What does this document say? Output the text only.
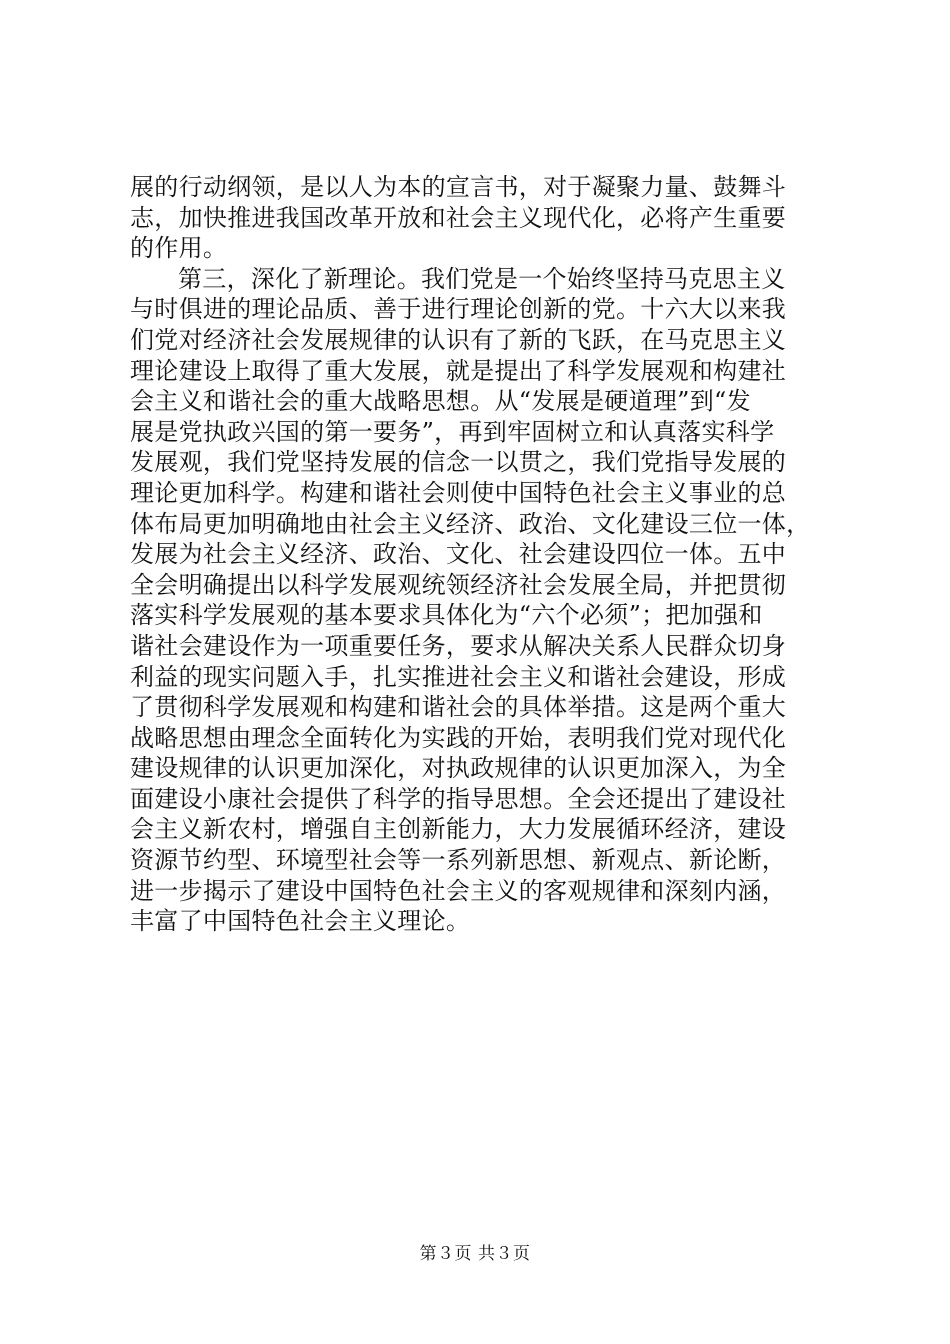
展的行动纲领，是以人为本的宣言书，对于凝聚力量、鼓舞斗
志，加快推进我国改革开放和社会主义现代化，必将产生重要
的作用。
第三，深化了新理论。我们党是一个始终坚持马克思主义
与时俱进的理论品质、善于进行理论创新的党。十六大以来我
们党对经济社会发展规律的认识有了新的飞跃，在马克思主义
理论建设上取得了重大发展，就是提出了科学发展观和构建社
会主义和谐社会的重大战略思想。从“发展是硬道理”到“发
展是党执政兴国的第一要务”，再到牢固树立和认真落实科学
发展观，我们党坚持发展的信念一以贯之，我们党指导发展的
理论更加科学。构建和谐社会则使中国特色社会主义事业的总
体布局更加明确地由社会主义经济、政治、文化建设三位一体，
发展为社会主义经济、政治、文化、社会建设四位一体。五中
全会明确提出以科学发展观统领经济社会发展全局，并把贯彻
落实科学发展观的基本要求具体化为“六个必须”；把加强和
谐社会建设作为一项重要任务，要求从解决关系人民群众切身
利益的现实问题入手，扎实推进社会主义和谐社会建设，形成
了贯彻科学发展观和构建和谐社会的具体举措。这是两个重大
战略思想由理念全面转化为实践的开始，表明我们党对现代化
建设规律的认识更加深化，对执政规律的认识更加深入，为全
面建设小康社会提供了科学的指导思想。全会还提出了建设社
会主义新农村，增强自主创新能力，大力发展循环经济，建设
资源节约型、环境型社会等一系列新思想、新观点、新论断，
进一步揭示了建设中国特色社会主义的客观规律和深刻内涵，
丰富了中国特色社会主义理论。
第３页 共３页
